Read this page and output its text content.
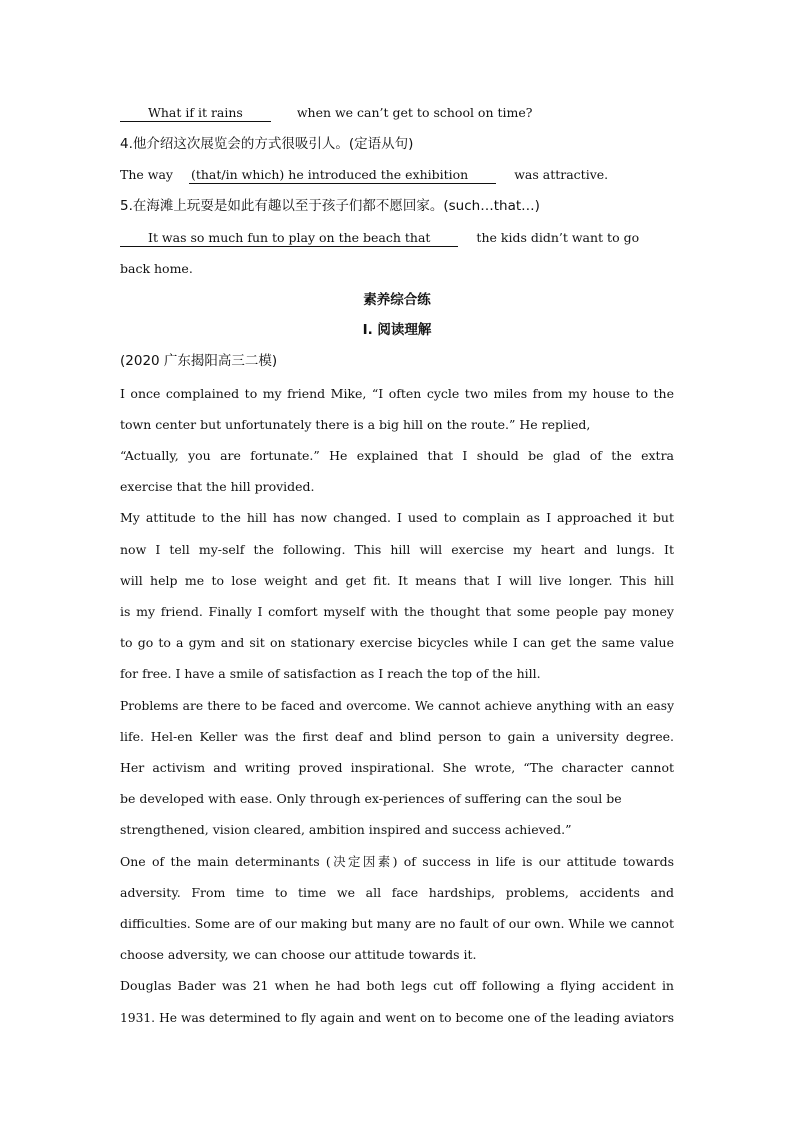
What if it rains	when we can’t get to school on time?
4.他介绍这次展览会的方式很吸引人。(定语从句)
The way (that/in which) he introduced the exhibition	was attractive.
5.在海滩上玩耍是如此有趣以至于孩子们都不愿回家。(such…that…)
It was so much fun to play on the beach that	the kids didn’t want to go
back home.
素养综合练
Ⅰ. 阅读理解
(2020 广东揭阳高三二模)
I once complained to my friend Mike, “I often cycle two miles from my house to the
town center but unfortunately there is a big hill on the route.” He replied,
“Actually, you are fortunate.” He explained that I should be glad of the extra
exercise that the hill provided.
My attitude to the hill has now changed. I used to complain as I approached it but
now I tell my-self the following. This hill will exercise my heart and lungs. It
will help me to lose weight and get fit. It means that I will live longer. This hill
is my friend. Finally I comfort myself with the thought that some people pay money
to go to a gym and sit on stationary exercise bicycles while I can get the same value
for free. I have a smile of satisfaction as I reach the top of the hill.
Problems are there to be faced and overcome. We cannot achieve anything with an easy
life. Hel-en Keller was the first deaf and blind person to gain a university degree.
Her activism and writing proved inspirational. She wrote, “The character cannot
be developed with ease. Only through ex-periences of suffering can the soul be
strengthened, vision cleared, ambition inspired and success achieved.”
One of the main determinants (决定因素) of success in life is our attitude towards
adversity. From time to time we all face hardships, problems, accidents and
difficulties. Some are of our making but many are no fault of our own. While we cannot
choose adversity, we can choose our attitude towards it.
Douglas Bader was 21 when he had both legs cut off following a flying accident in
1931. He was determined to fly again and went on to become one of the leading aviators
